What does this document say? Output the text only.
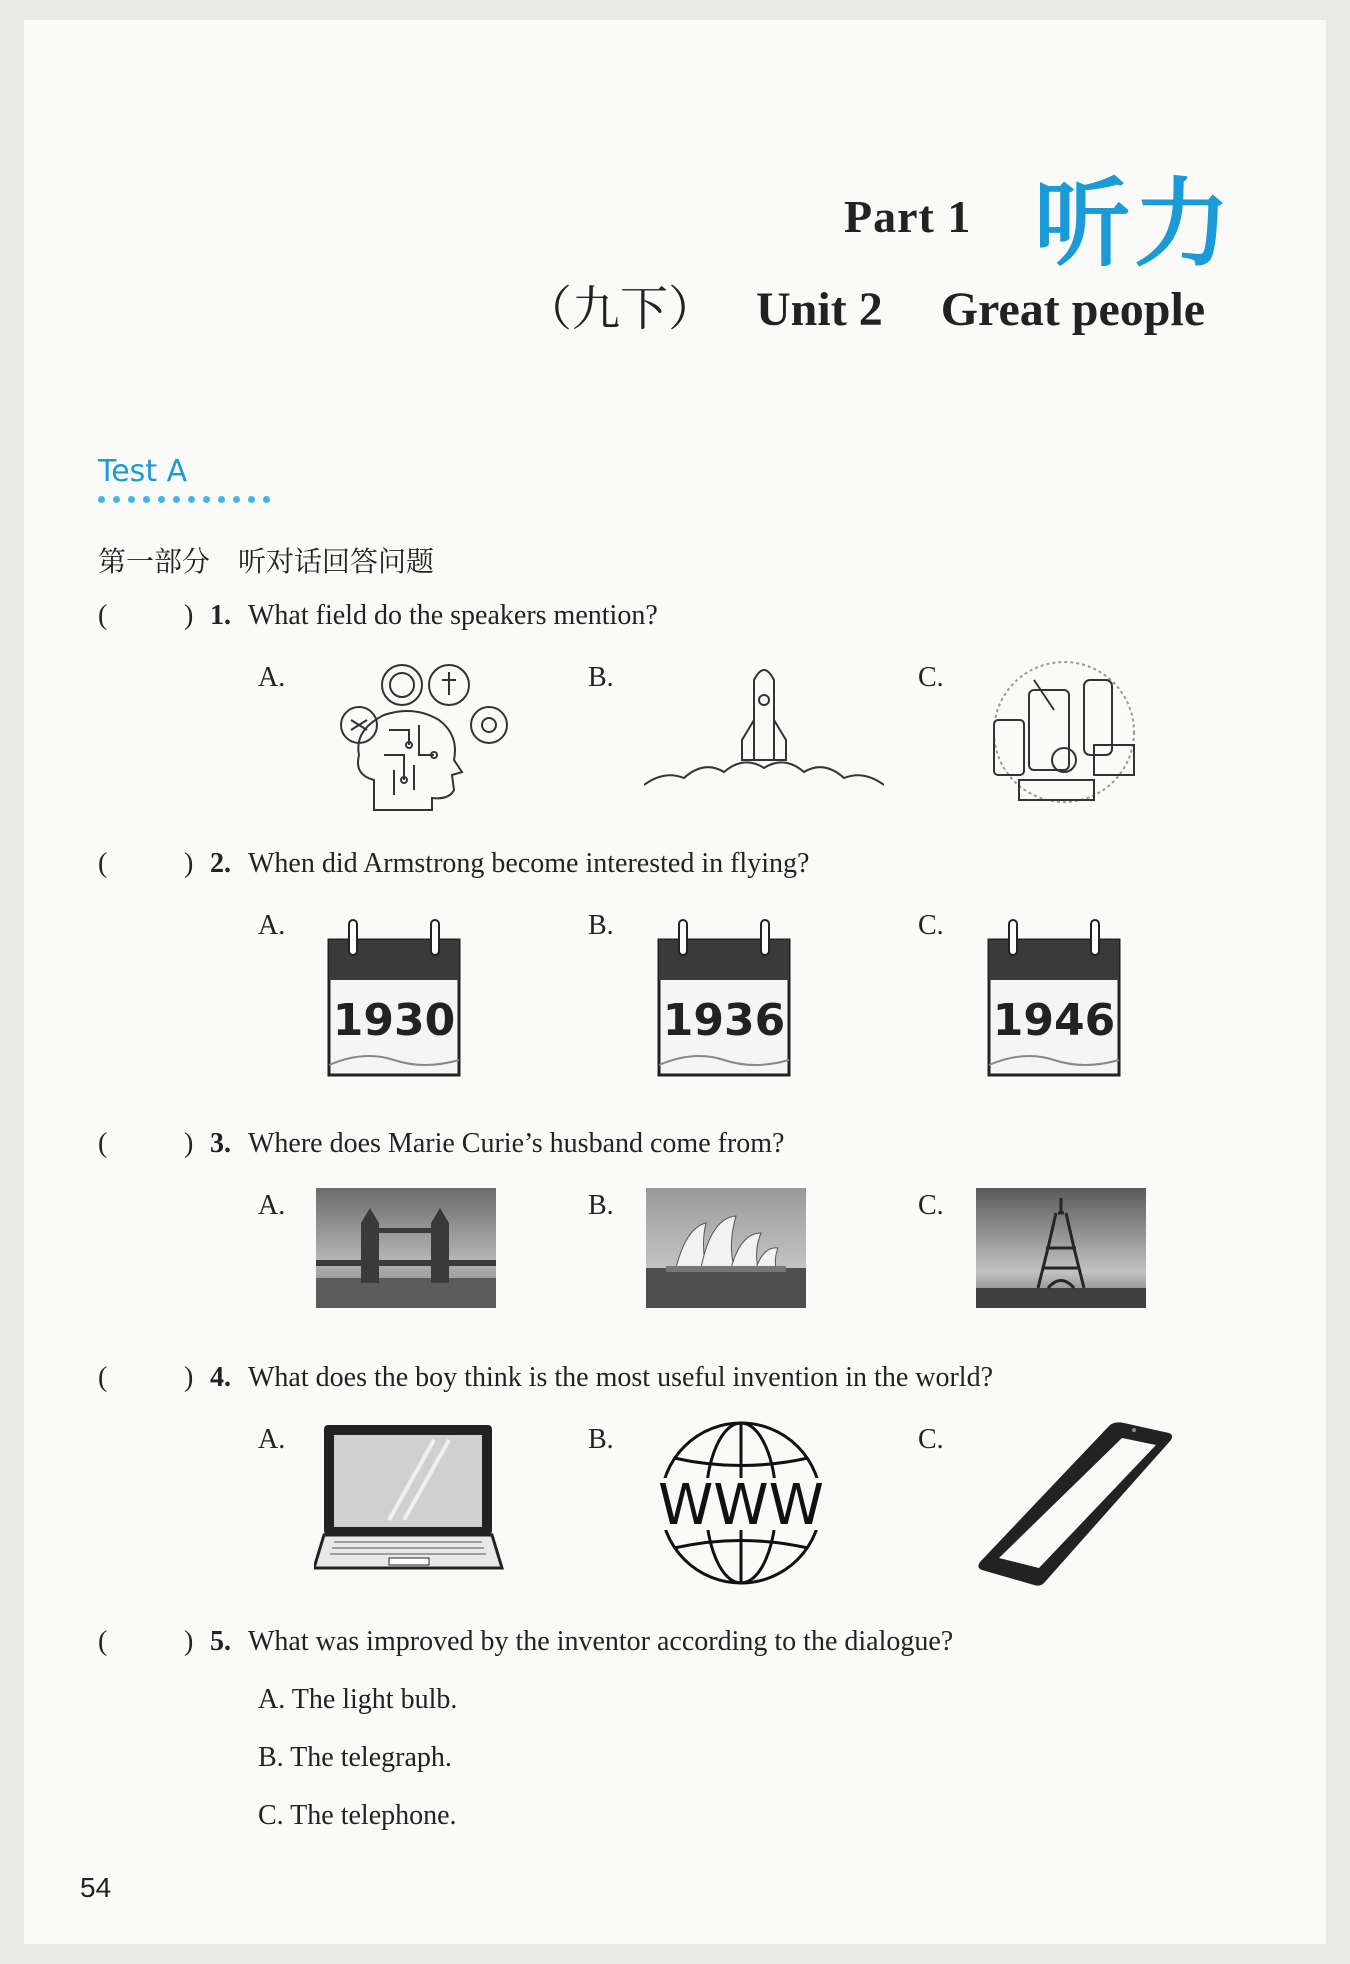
Part 1 听力
（九下） Unit 2 Great people
Test A
第一部分　听对话回答问题
(	) 1. What field do the speakers mention?
A.	B.	C.
(	) 2. When did Armstrong become interested in flying?
A.	B.	C.
1930	1936	1946
(	) 3. Where does Marie Curie’s husband come from?
A.	B.	C.
(	) 4. What does the boy think is the most useful invention in the world?
A.	B.	C.
WWW
(	) 5. What was improved by the inventor according to the dialogue?
A. The light bulb.
B. The telegraph.
C. The telephone.
54
